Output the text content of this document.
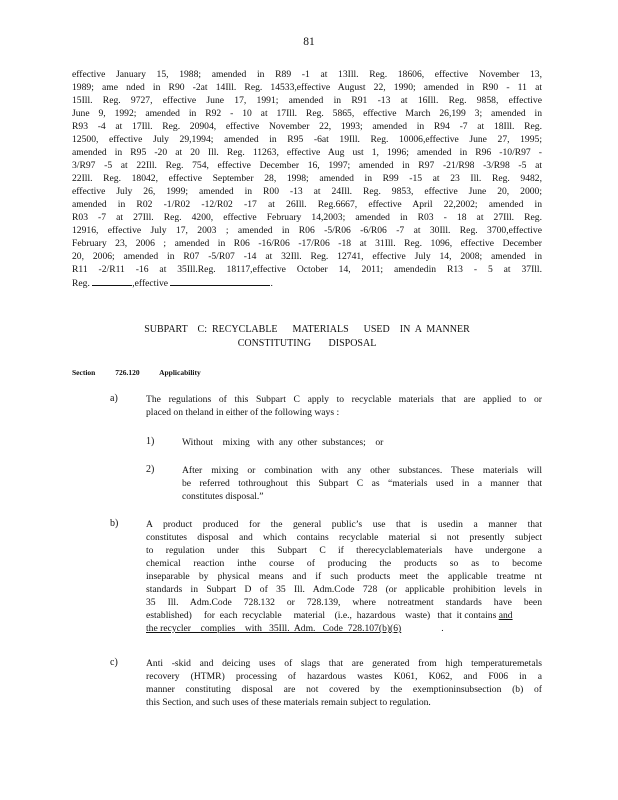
81
effective January 15, 1988; amended in R89 -1 at 13Ill. Reg. 18606, effective November 13,
1989; ame nded in R90 -2at 14Ill. Reg. 14533,effective August 22, 1990; amended in R90 - 11 at
15Ill. Reg. 9727, effective June 17, 1991; amended in R91 -13 at 16Ill. Reg. 9858, effective
June 9, 1992; amended in R92 - 10 at 17Ill. Reg. 5865, effective March 26,199 3; amended in
R93 -4 at 17Ill. Reg. 20904, effective November 22, 1993; amended in R94 -7 at 18Ill. Reg.
12500, effective July 29,1994; amended in R95 -6at 19Ill. Reg. 10006,effective June 27, 1995;
amended in R95 -20 at 20 Ill. Reg. 11263, effective Aug ust 1, 1996; amended in R96 -10/R97 -
3/R97 -5 at 22Ill. Reg. 754, effective December 16, 1997; amended in R97 -21/R98 -3/R98 -5 at
22Ill. Reg. 18042, effective September 28, 1998; amended in R99 -15 at 23 Ill. Reg. 9482,
effective July 26, 1999; amended in R00 -13 at 24Ill. Reg. 9853, effective June 20, 2000;
amended in R02 -1/R02 -12/R02 -17 at 26Ill. Reg.6667, effective April 22,2002; amended in
R03 -7 at 27Ill. Reg. 4200, effective February 14,2003; amended in R03 - 18 at 27Ill. Reg.
12916, effective July 17, 2003 ; amended in R06 -5/R06 -6/R06 -7 at 30Ill. Reg. 3700,effective
February 23, 2006 ; amended in R06 -16/R06 -17/R06 -18 at 31Ill. Reg. 1096, effective December
20, 2006; amended in R07 -5/R07 -14 at 32Ill. Reg. 12741, effective July 14, 2008; amended in
R11 -2/R11 -16 at 35Ill.Reg. 18117,effective October 14, 2011; amendedin R13 - 5 at 37Ill.
Reg.	,effective	.
SUBPART    C:  RECYCLABLE      MATERIALS      USED    IN  A  MANNER
CONSTITUTING       DISPOSAL
Section	726.120	Applicability
a)	The regulations of this Subpart C apply to recyclable materials that are applied to or
placed on theland in either of the following ways :
1)	Without    mixing   with  any  other  substances;    or
2)	After mixing or combination with any other substances. These materials will
be referred tothroughout this Subpart C as “materials used in a manner that
constitutes disposal.”
b)	A product produced for the general public’s use that is usedin a manner that
constitutes disposal and which contains recyclable material si not presently subject
to regulation under this Subpart C if therecyclablematerials have undergone a
chemical reaction inthe course of producing the products so as to become
inseparable by physical means and if such products meet the applicable treatme nt
standards in Subpart D of 35 Ill. Adm.Code 728 (or applicable prohibition levels in
35 Ill. Adm.Code 728.132 or 728.139, where notreatment standards have been
established)     for  each  recyclable     material    (i.e.,  hazardous    waste)   that  it contains and
the recycler    complies    with   35Ill.  Adm.   Code  728.107(b)(6)	.
c)	Anti -skid and deicing uses of slags that are generated from high temperaturemetals
recovery (HTMR) processing of hazardous wastes K061, K062, and F006 in a
manner constituting disposal are not covered by the exemptioninsubsection (b) of
this Section, and such uses of these materials remain subject to regulation.
